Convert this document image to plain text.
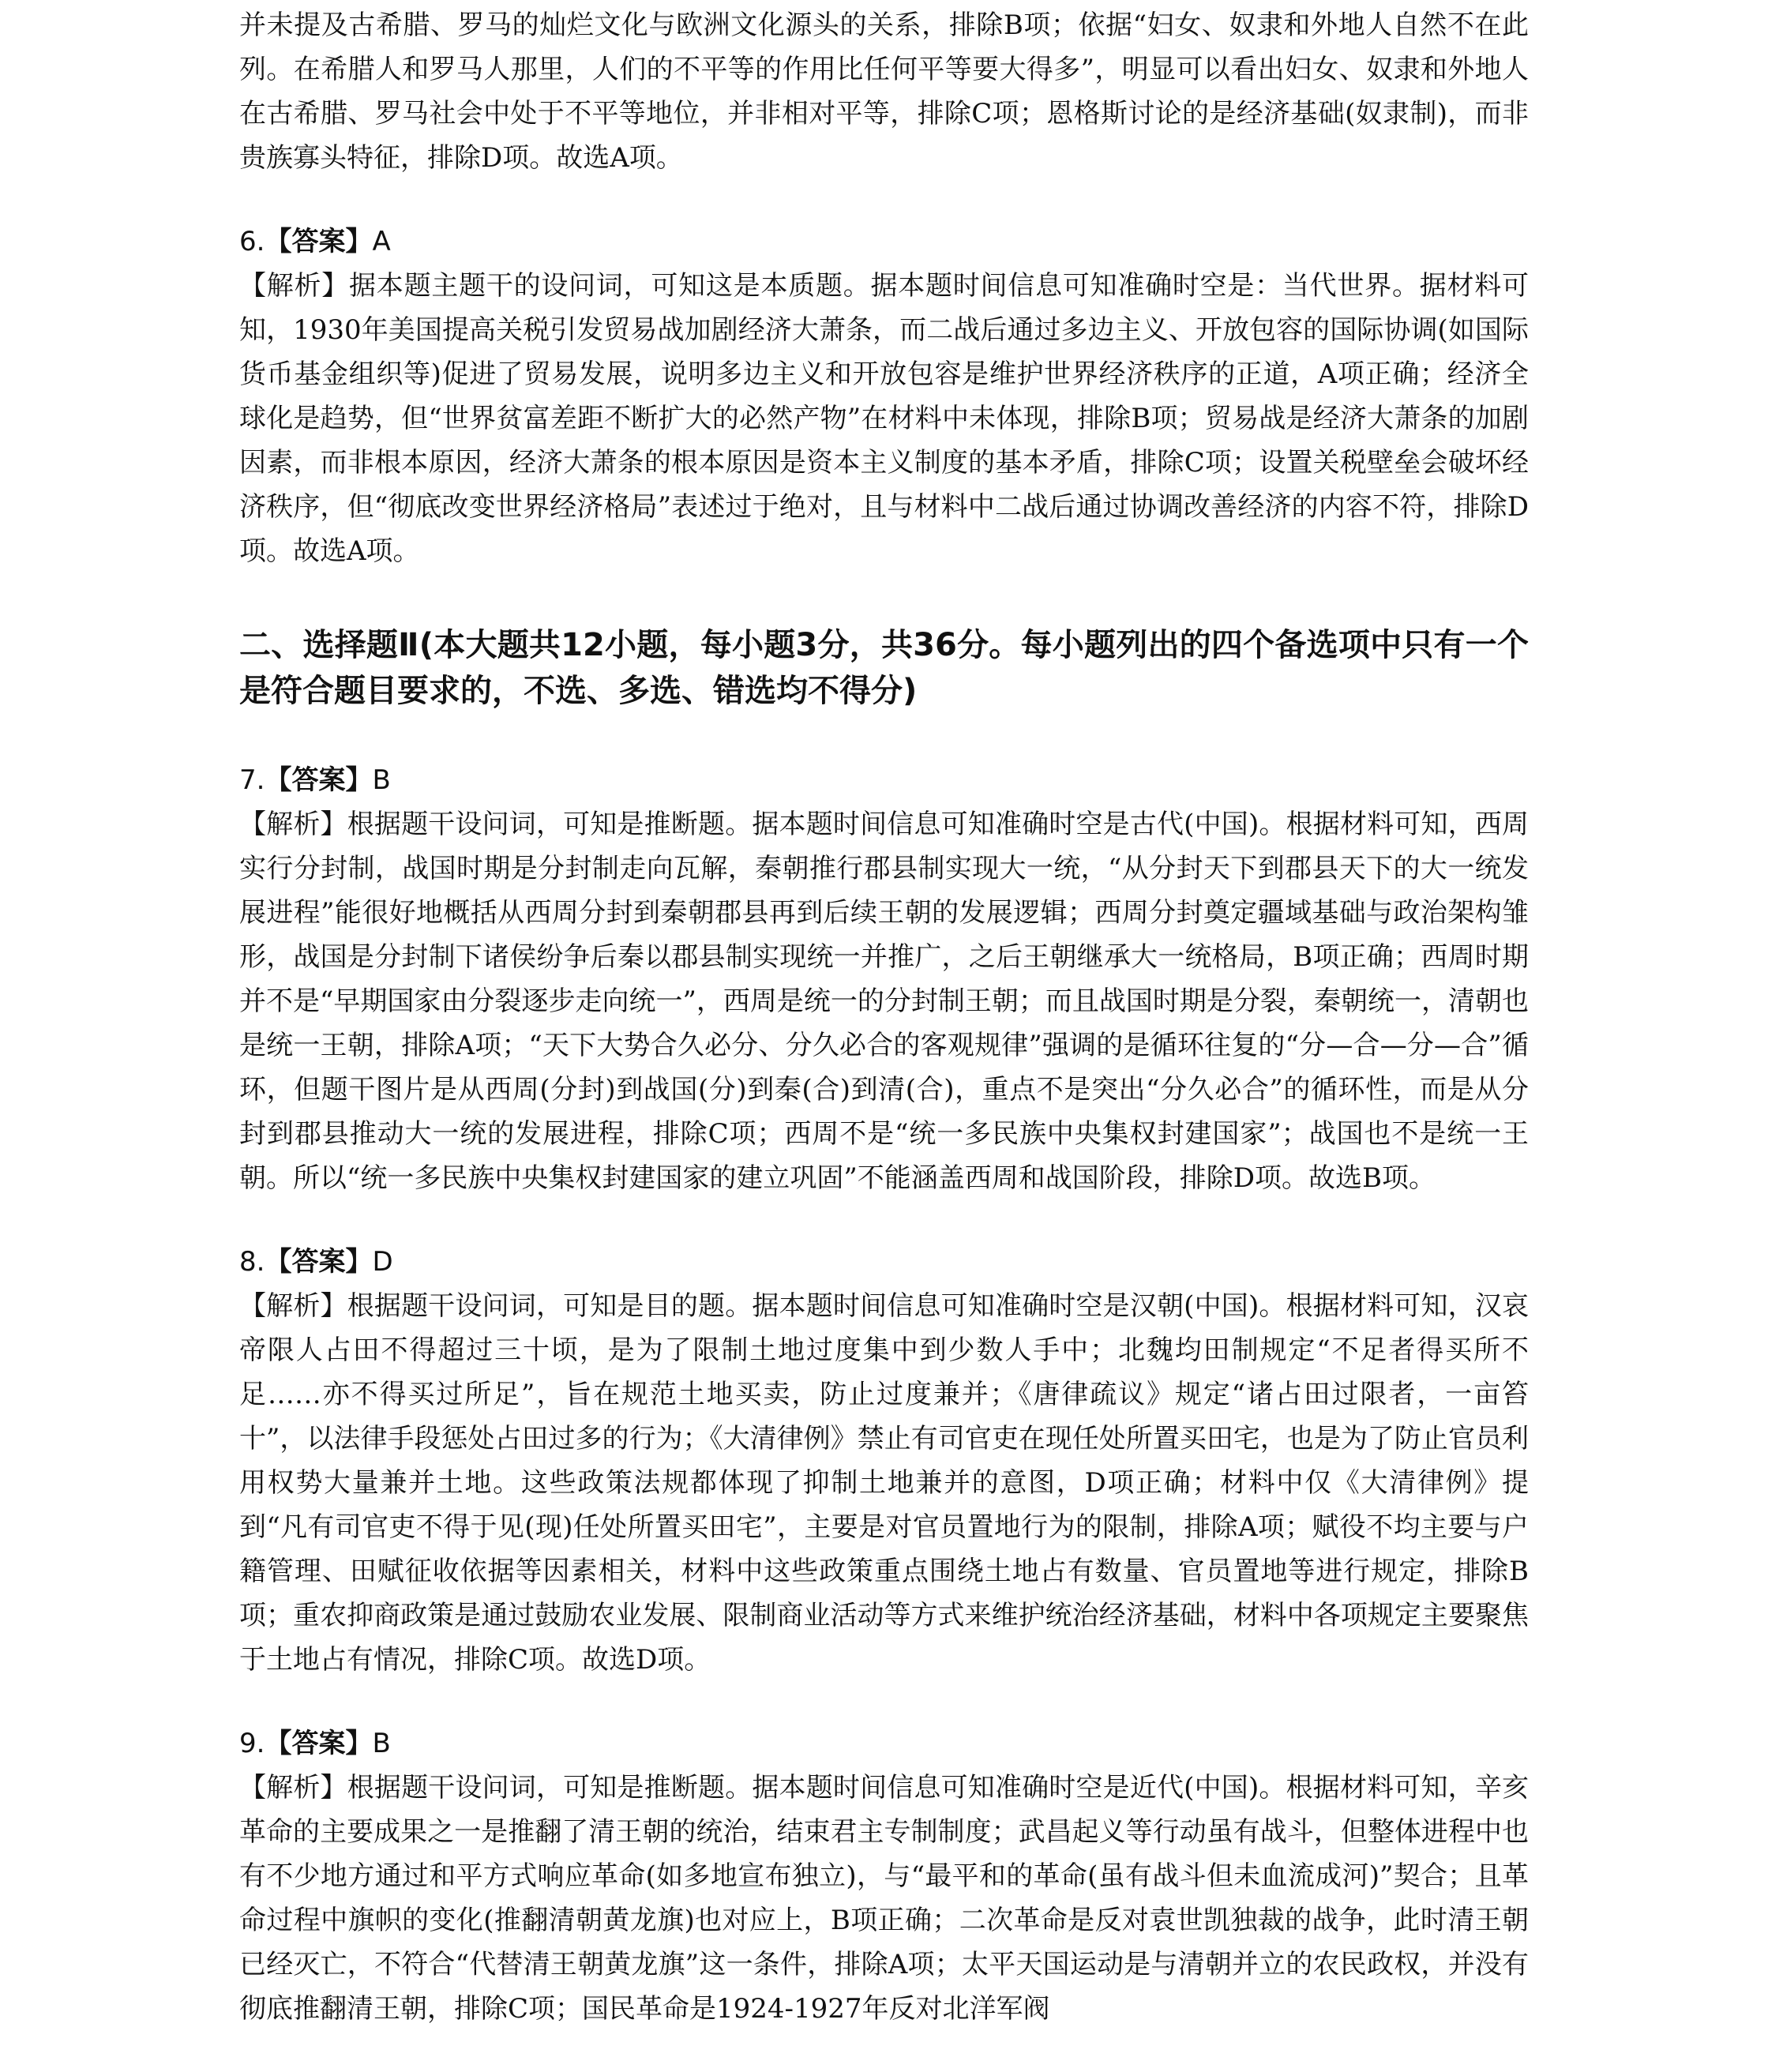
并未提及古希腊、罗马的灿烂文化与欧洲文化源头的关系，排除B项；依据“妇女、奴隶和外地人自然不在此列。在希腊人和罗马人那里，人们的不平等的作用比任何平等要大得多”，明显可以看出妇女、奴隶和外地人在古希腊、罗马社会中处于不平等地位，并非相对平等，排除C项；恩格斯讨论的是经济基础(奴隶制)，而非贵族寡头特征，排除D项。故选A项。

6.【答案】A

【解析】据本题主题干的设问词，可知这是本质题。据本题时间信息可知准确时空是：当代世界。据材料可知，1930年美国提高关税引发贸易战加剧经济大萧条，而二战后通过多边主义、开放包容的国际协调(如国际货币基金组织等)促进了贸易发展，说明多边主义和开放包容是维护世界经济秩序的正道，A项正确；经济全球化是趋势，但“世界贫富差距不断扩大的必然产物”在材料中未体现，排除B项；贸易战是经济大萧条的加剧因素，而非根本原因，经济大萧条的根本原因是资本主义制度的基本矛盾，排除C项；设置关税壁垒会破坏经济秩序，但“彻底改变世界经济格局”表述过于绝对，且与材料中二战后通过协调改善经济的内容不符，排除D项。故选A项。

二、选择题Ⅱ(本大题共12小题，每小题3分，共36分。每小题列出的四个备选项中只有一个是符合题目要求的，不选、多选、错选均不得分)

7.【答案】B

【解析】根据题干设问词，可知是推断题。据本题时间信息可知准确时空是古代(中国)。根据材料可知，西周实行分封制，战国时期是分封制走向瓦解，秦朝推行郡县制实现大一统，“从分封天下到郡县天下的大一统发展进程”能很好地概括从西周分封到秦朝郡县再到后续王朝的发展逻辑；西周分封奠定疆域基础与政治架构雏形，战国是分封制下诸侯纷争后秦以郡县制实现统一并推广，之后王朝继承大一统格局，B项正确；西周时期并不是“早期国家由分裂逐步走向统一”，西周是统一的分封制王朝；而且战国时期是分裂，秦朝统一，清朝也是统一王朝，排除A项；“天下大势合久必分、分久必合的客观规律”强调的是循环往复的“分—合—分—合”循环，但题干图片是从西周(分封)到战国(分)到秦(合)到清(合)，重点不是突出“分久必合”的循环性，而是从分封到郡县推动大一统的发展进程，排除C项；西周不是“统一多民族中央集权封建国家”；战国也不是统一王朝。所以“统一多民族中央集权封建国家的建立巩固”不能涵盖西周和战国阶段，排除D项。故选B项。

8.【答案】D

【解析】根据题干设问词，可知是目的题。据本题时间信息可知准确时空是汉朝(中国)。根据材料可知，汉哀帝限人占田不得超过三十顷，是为了限制土地过度集中到少数人手中；北魏均田制规定“不足者得买所不足……亦不得买过所足”，旨在规范土地买卖，防止过度兼并；《唐律疏议》规定“诸占田过限者，一亩笞十”，以法律手段惩处占田过多的行为；《大清律例》禁止有司官吏在现任处所置买田宅，也是为了防止官员利用权势大量兼并土地。这些政策法规都体现了抑制土地兼并的意图，D项正确；材料中仅《大清律例》提到“凡有司官吏不得于见(现)任处所置买田宅”，主要是对官员置地行为的限制，排除A项；赋役不均主要与户籍管理、田赋征收依据等因素相关，材料中这些政策重点围绕土地占有数量、官员置地等进行规定，排除B项；重农抑商政策是通过鼓励农业发展、限制商业活动等方式来维护统治经济基础，材料中各项规定主要聚焦于土地占有情况，排除C项。故选D项。

9.【答案】B

【解析】根据题干设问词，可知是推断题。据本题时间信息可知准确时空是近代(中国)。根据材料可知，辛亥革命的主要成果之一是推翻了清王朝的统治，结束君主专制制度；武昌起义等行动虽有战斗，但整体进程中也有不少地方通过和平方式响应革命(如多地宣布独立)，与“最平和的革命(虽有战斗但未血流成河)”契合；且革命过程中旗帜的变化(推翻清朝黄龙旗)也对应上，B项正确；二次革命是反对袁世凯独裁的战争，此时清王朝已经灭亡，不符合“代替清王朝黄龙旗”这一条件，排除A项；太平天国运动是与清朝并立的农民政权，并没有彻底推翻清王朝，排除C项；国民革命是1924-1927年反对北洋军阀
